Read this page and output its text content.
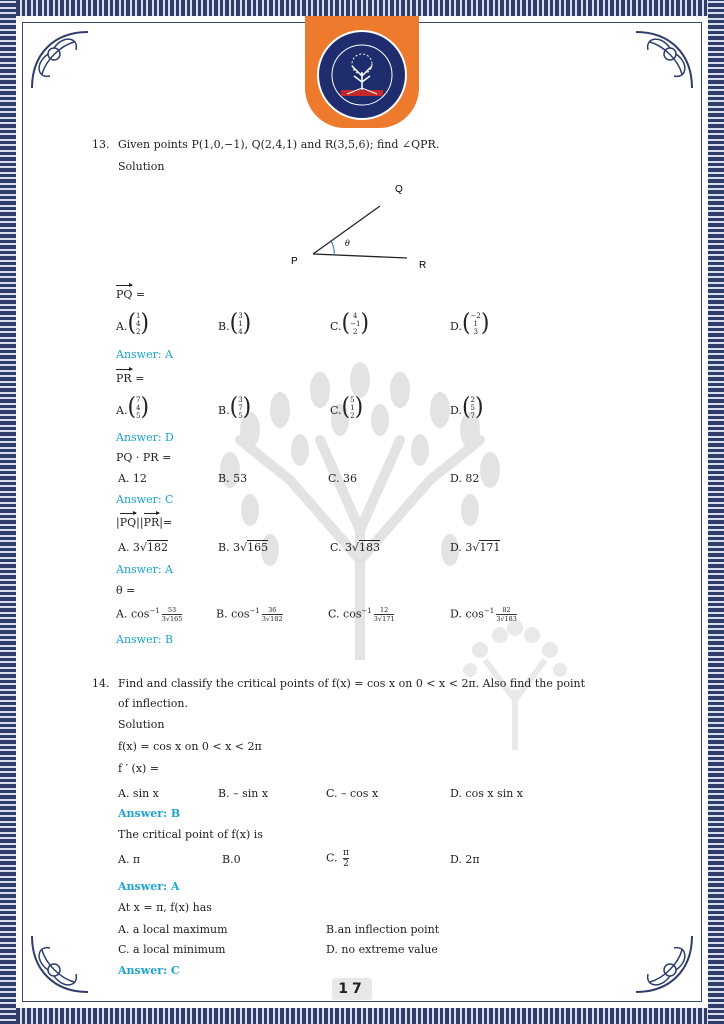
13. Given points P(1,0,−1), Q(2,4,1) and R(3,5,6); find ∠QPR.
Solution
P
Q
R
θ
PQ =
A. ( 1
4
2 )	B. ( 3
1
4 )	C. ( 4
−1
2 )	D. ( −2
1
3 )
Answer: A
PR =
A. ( 7
4
5 )	B. ( 3
7
5 )	C. ( 5
1
2 )	D. ( 2
5
7 )
Answer: D
PQ · PR =
A. 12	B. 53	C. 36	D. 82
Answer: C
|PQ||PR|=
A. 3√182	B. 3√165	C. 3√183	D. 3√171
Answer: A
θ =
A. $\cos^{-1} \frac{53}{3√165}$	B. $\cos^{-1} \frac{36}{3√182}$	C. $\cos^{-1} \frac{12}{3√171}$	D. $\cos^{-1} \frac{82}{3√183}$
Answer: B
14. Find and classify the critical points of f(x) = cos x on 0 < x < 2π. Also find the point
of inflection.
Solution
f(x) = cos x on 0 < x < 2π
f ′ (x) =
A. sin x	B. – sin x	C. – cos x	D. cos x sin x
Answer: B
The critical point of f(x) is
A. π	B.0	C. $\frac{\pi}{2}$	D. 2π
Answer: A
At x = π, f(x) has
A. a local maximum	B.an inflection point
C. a local minimum	D. no extreme value
Answer: C
17
